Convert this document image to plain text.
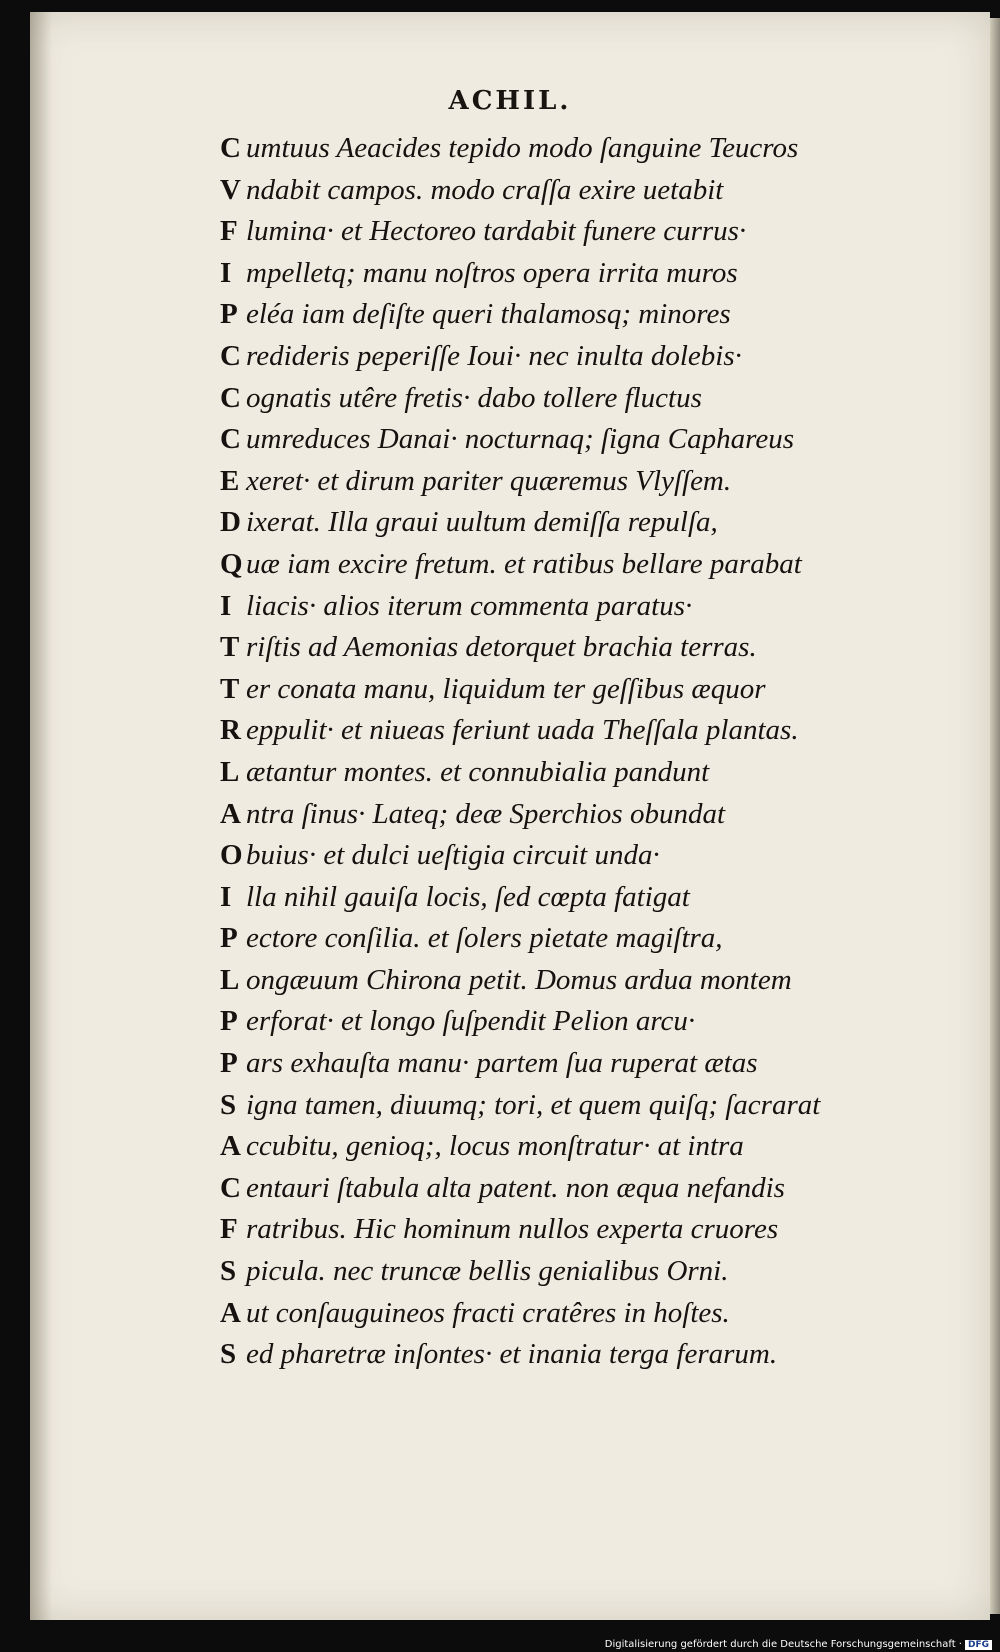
ACHIL.
C umtuus Aeacides tepido modo ſanguine Teucros
V ndabit campos. modo craſſa exire uetabit
F lumina· et Hectoreo tardabit funere currus·
I mpelletq; manu noſtros opera irrita muros
P eléa iam deſiſte queri thalamosq; minores
C redideris peperiſſe Ioui· nec inulta dolebis·
C ognatis utêre fretis· dabo tollere fluctus
C umreduces Danai· nocturnaq; ſigna Caphareus
E xeret· et dirum pariter quæremus Vlyſſem.
D ixerat. Illa graui uultum demiſſa repulſa,
Q uæ iam excire fretum. et ratibus bellare parabat
I liacis· alios iterum commenta paratus·
T riſtis ad Aemonias detorquet brachia terras.
T er conata manu, liquidum ter geſſibus æquor
R eppulit· et niueas feriunt uada Theſſala plantas.
L ætantur montes. et connubialia pandunt
A ntra ſinus· Lateq; deæ Sperchios obundat
O buius· et dulci ueſtigia circuit unda·
I lla nihil gauiſa locis, ſed cœpta fatigat
P ectore conſilia. et ſolers pietate magiſtra,
L ongæuum Chirona petit. Domus ardua montem
P erforat· et longo ſuſpendit Pelion arcu·
P ars exhauſta manu· partem ſua ruperat ætas
S igna tamen, diuumq; tori, et quem quiſq; ſacrarat
A ccubitu, genioq;, locus monſtratur· at intra
C entauri ſtabula alta patent. non æqua nefandis
F ratribus. Hic hominum nullos experta cruores
S picula. nec truncæ bellis genialibus Orni.
A ut conſauguineos fracti cratêres in hoſtes.
S ed pharetræ inſontes· et inania terga ferarum.
Digitalisierung gefördert durch die Deutsche Forschungsgemeinschaft · DFG
